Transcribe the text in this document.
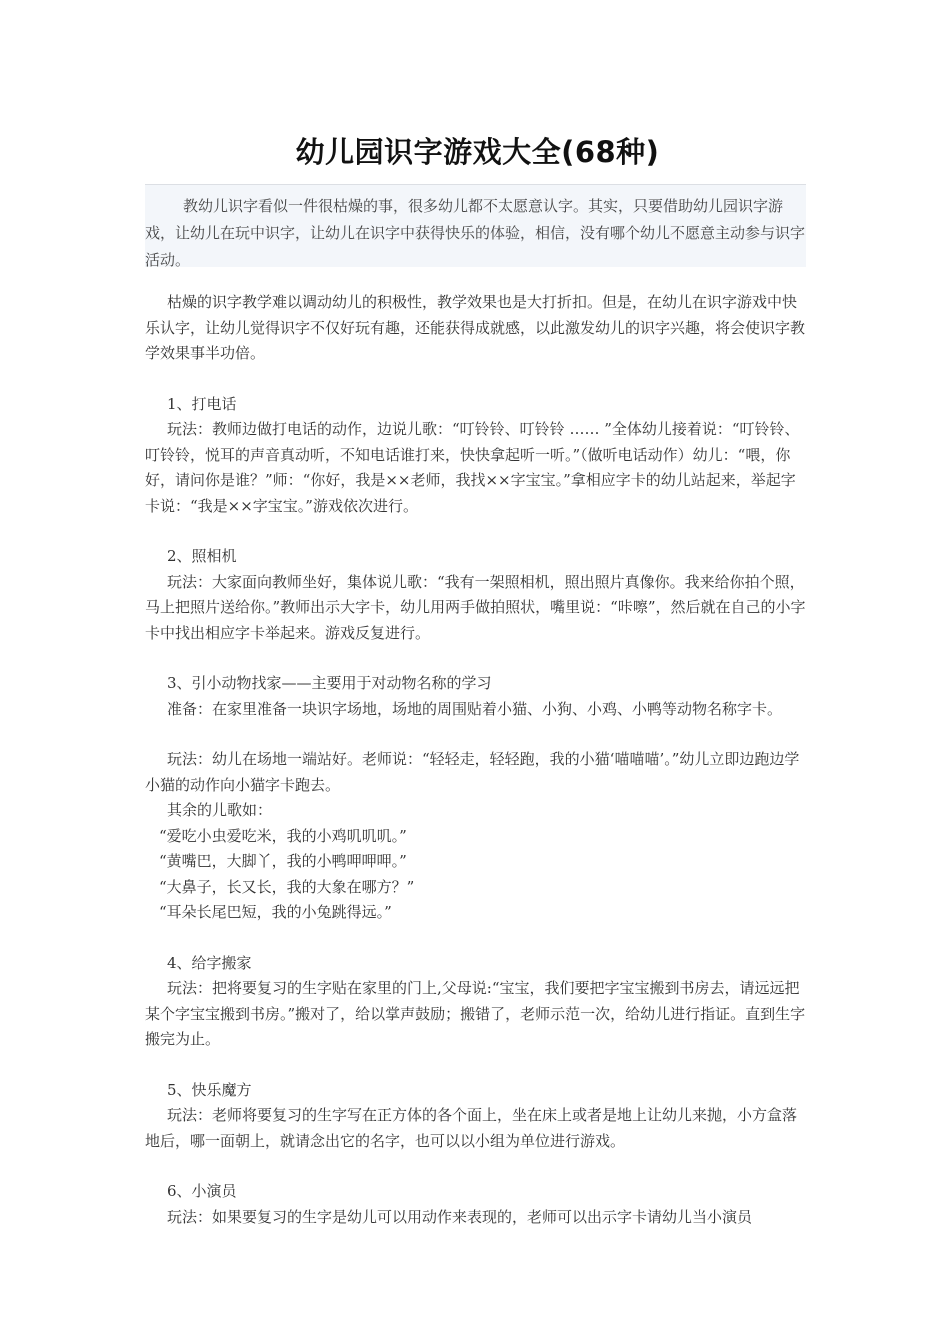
幼儿园识字游戏大全(68种)

教幼儿识字看似一件很枯燥的事，很多幼儿都不太愿意认字。其实，只要借助幼儿园识字游戏，让幼儿在玩中识字，让幼儿在识字中获得快乐的体验，相信，没有哪个幼儿不愿意主动参与识字活动。

枯燥的识字教学难以调动幼儿的积极性，教学效果也是大打折扣。但是，在幼儿在识字游戏中快乐认字，让幼儿觉得识字不仅好玩有趣，还能获得成就感，以此激发幼儿的识字兴趣，将会使识字教学效果事半功倍。

1、打电话

玩法：教师边做打电话的动作，边说儿歌：“叮铃铃、叮铃铃 …… ”全体幼儿接着说：“叮铃铃、叮铃铃，悦耳的声音真动听，不知电话谁打来，快快拿起听一听。”（做听电话动作）幼儿：“喂，你好，请问你是谁？”师：“你好，我是××老师，我找××字宝宝。”拿相应字卡的幼儿站起来，举起字卡说：“我是××字宝宝。”游戏依次进行。

2、照相机

玩法：大家面向教师坐好，集体说儿歌：“我有一架照相机，照出照片真像你。我来给你拍个照，马上把照片送给你。”教师出示大字卡，幼儿用两手做拍照状，嘴里说：“咔嚓”，然后就在自己的小字卡中找出相应字卡举起来。游戏反复进行。

3、引小动物找家——主要用于对动物名称的学习

准备：在家里准备一块识字场地，场地的周围贴着小猫、小狗、小鸡、小鸭等动物名称字卡。

玩法：幼儿在场地一端站好。老师说：“轻轻走，轻轻跑，我的小猫‘喵喵喵’。”幼儿立即边跑边学小猫的动作向小猫字卡跑去。

其余的儿歌如：

“爱吃小虫爱吃米，我的小鸡叽叽叽。”

“黄嘴巴，大脚丫，我的小鸭呷呷呷。”

“大鼻子，长又长，我的大象在哪方？”

“耳朵长尾巴短，我的小兔跳得远。”

4、给字搬家

玩法：把将要复习的生字贴在家里的门上,父母说:“宝宝，我们要把字宝宝搬到书房去，请远远把某个字宝宝搬到书房。”搬对了，给以掌声鼓励；搬错了，老师示范一次，给幼儿进行指证。直到生字搬完为止。

5、快乐魔方

玩法：老师将要复习的生字写在正方体的各个面上，坐在床上或者是地上让幼儿来抛，小方盒落地后，哪一面朝上，就请念出它的名字，也可以以小组为单位进行游戏。

6、小演员

玩法：如果要复习的生字是幼儿可以用动作来表现的，老师可以出示字卡请幼儿当小演员
